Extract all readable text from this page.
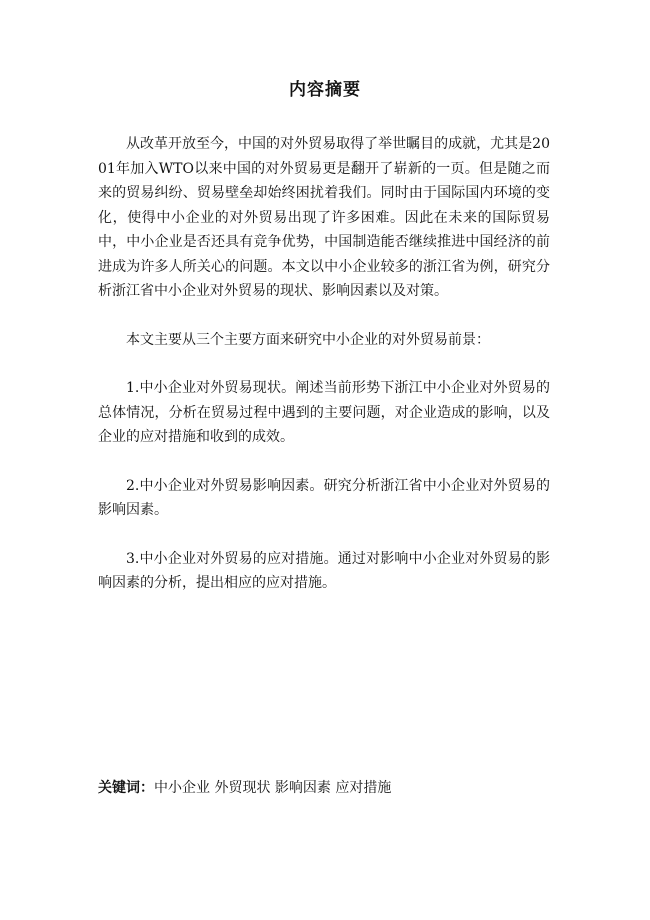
内容摘要

从改革开放至今，中国的对外贸易取得了举世瞩目的成就，尤其是2001年加入WTO以来中国的对外贸易更是翻开了崭新的一页。但是随之而来的贸易纠纷、贸易壁垒却始终困扰着我们。同时由于国际国内环境的变化，使得中小企业的对外贸易出现了许多困难。因此在未来的国际贸易中，中小企业是否还具有竞争优势，中国制造能否继续推进中国经济的前进成为许多人所关心的问题。本文以中小企业较多的浙江省为例，研究分析浙江省中小企业对外贸易的现状、影响因素以及对策。

本文主要从三个主要方面来研究中小企业的对外贸易前景：

1.中小企业对外贸易现状。阐述当前形势下浙江中小企业对外贸易的总体情况，分析在贸易过程中遇到的主要问题，对企业造成的影响，以及企业的应对措施和收到的成效。

2.中小企业对外贸易影响因素。研究分析浙江省中小企业对外贸易的影响因素。

3.中小企业对外贸易的应对措施。通过对影响中小企业对外贸易的影响因素的分析，提出相应的应对措施。

关键词：中小企业 外贸现状 影响因素 应对措施
